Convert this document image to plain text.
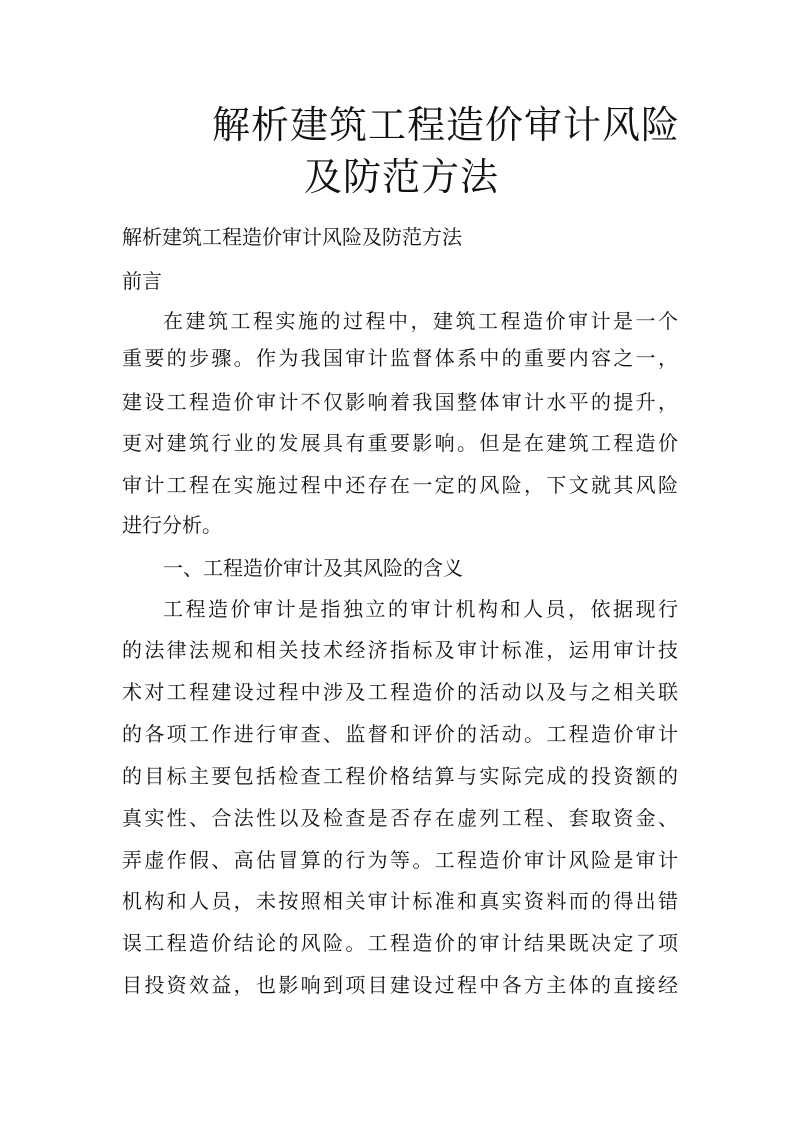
解析建筑工程造价审计风险
及防范方法

解析建筑工程造价审计风险及防范方法

前言

在建筑工程实施的过程中，建筑工程造价审计是一个

重要的步骤。作为我国审计监督体系中的重要内容之一，

建设工程造价审计不仅影响着我国整体审计水平的提升，

更对建筑行业的发展具有重要影响。但是在建筑工程造价

审计工程在实施过程中还存在一定的风险，下文就其风险

进行分析。

一、工程造价审计及其风险的含义

工程造价审计是指独立的审计机构和人员，依据现行

的法律法规和相关技术经济指标及审计标准，运用审计技

术对工程建设过程中涉及工程造价的活动以及与之相关联

的各项工作进行审查、监督和评价的活动。工程造价审计

的目标主要包括检查工程价格结算与实际完成的投资额的

真实性、合法性以及检查是否存在虚列工程、套取资金、

弄虚作假、高估冒算的行为等。工程造价审计风险是审计

机构和人员，未按照相关审计标准和真实资料而的得出错

误工程造价结论的风险。工程造价的审计结果既决定了项

目投资效益，也影响到项目建设过程中各方主体的直接经
